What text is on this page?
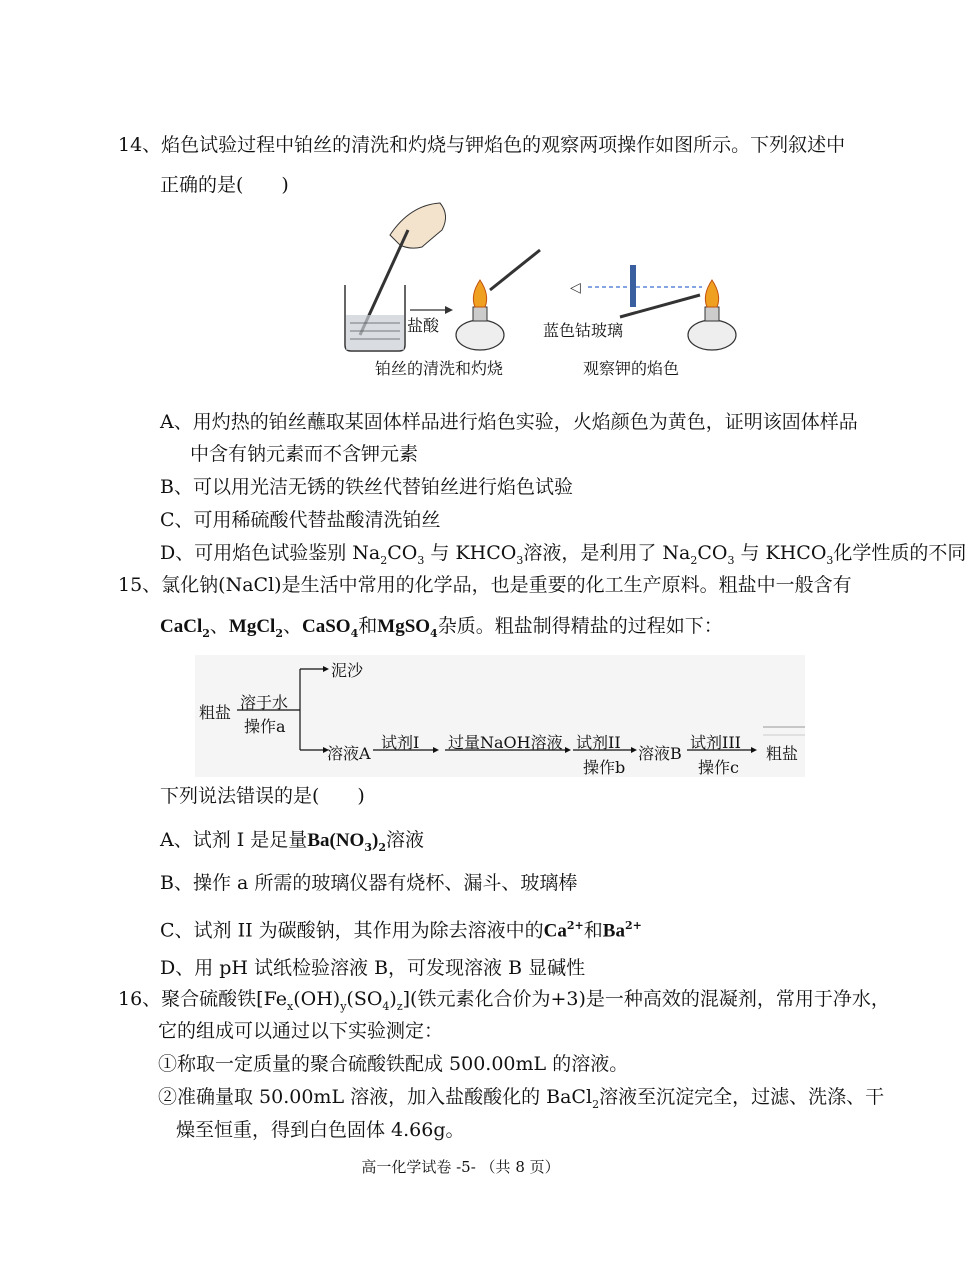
14、焰色试验过程中铂丝的清洗和灼烧与钾焰色的观察两项操作如图所示。下列叙述中
正确的是(　　)
◁
盐酸	蓝色钴玻璃
铂丝的清洗和灼烧	观察钾的焰色
A、用灼热的铂丝蘸取某固体样品进行焰色实验，火焰颜色为黄色，证明该固体样品
中含有钠元素而不含钾元素
B、可以用光洁无锈的铁丝代替铂丝进行焰色试验
C、可用稀硫酸代替盐酸清洗铂丝
D、可用焰色试验鉴别 $Na_2CO_3$ 与 $KHCO_3$溶液，是利用了 $Na_2CO_3$ 与 $KHCO_3$化学性质的不同
15、氯化钠(NaCl)是生活中常用的化学品，也是重要的化工生产原料。粗盐中一般含有
CaCl$_2$、MgCl$_2$、CaSO$_4$和MgSO$_4$杂质。粗盐制得精盐的过程如下：
粗盐
溶于水
操作a
泥沙
溶液A
试剂Ⅰ 过量NaOH溶液 试剂II
操作b
溶液B
试剂III
操作c
粗盐
下列说法错误的是(　　)
A、试剂 I 是足量$Ba(NO_3)_2$溶液
B、操作 a 所需的玻璃仪器有烧杯、漏斗、玻璃棒
C、试剂 II 为碳酸钠，其作用为除去溶液中的$Ca^{2+}$和$Ba^{2+}$
D、用 pH 试纸检验溶液 B，可发现溶液 B 显碱性
16、聚合硫酸铁$[Fe_x(OH)_y(SO_4)_z]$(铁元素化合价为+3)是一种高效的混凝剂，常用于净水，
它的组成可以通过以下实验测定：
①称取一定质量的聚合硫酸铁配成 500.00mL 的溶液。
②准确量取 50.00mL 溶液，加入盐酸酸化的 BaCl$_2$溶液至沉淀完全，过滤、洗涤、干
燥至恒重，得到白色固体 4.66g。
高一化学试卷 -5- （共 8 页）
